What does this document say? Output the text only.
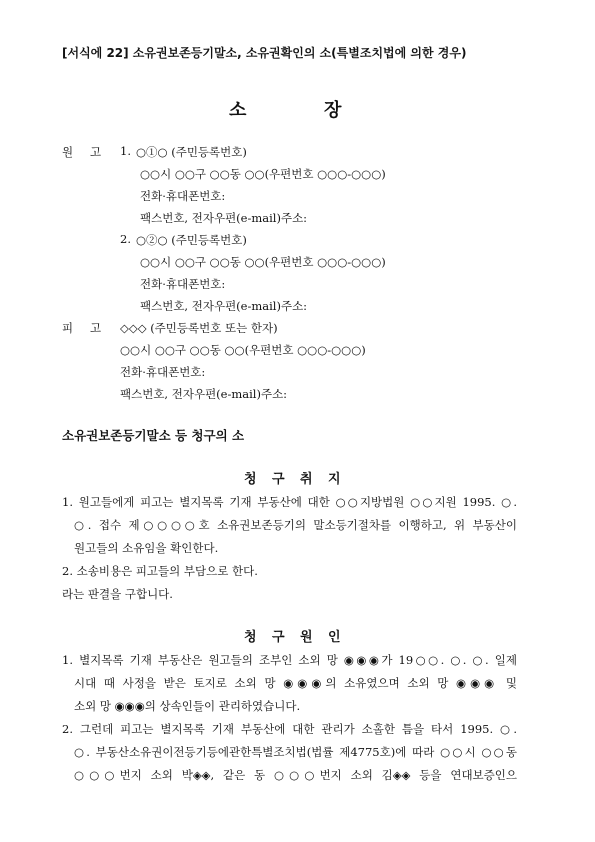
[서식에 22] 소유권보존등기말소, 소유권확인의 소(특별조치법에 의한 경우)
소	장
원 고 1. ○①○ (주민등록번호)
○○시 ○○구 ○○동 ○○(우편번호 ○○○-○○○)
전화·휴대폰번호:
팩스번호, 전자우편(e-mail)주소:
2. ○②○ (주민등록번호)
○○시 ○○구 ○○동 ○○(우편번호 ○○○-○○○)
전화·휴대폰번호:
팩스번호, 전자우편(e-mail)주소:
피 고 ◇◇◇ (주민등록번호 또는 한자)
○○시 ○○구 ○○동 ○○(우편번호 ○○○-○○○)
전화·휴대폰번호:
팩스번호, 전자우편(e-mail)주소:
소유권보존등기말소 등 청구의 소
청 구 취 지
1. 원고들에게 피고는 별지목록 기재 부동산에 대한 ○○지방법원 ○○지원 1995. ○.
○. 접수 제○○○○호 소유권보존등기의 말소등기절차를 이행하고, 위 부동산이
원고들의 소유임을 확인한다.
2. 소송비용은 피고들의 부담으로 한다.
라는 판결을 구합니다.
청 구 원 인
1. 별지목록 기재 부동산은 원고들의 조부인 소외 망 ◉◉◉가 19○○. ○. ○. 일제
시대 때 사정을 받은 토지로 소외 망 ◉◉◉의 소유였으며 소외 망 ◉◉◉ 및
소외 망 ◉◉◉의 상속인들이 관리하였습니다.
2. 그런데 피고는 별지목록 기재 부동산에 대한 관리가 소홀한 틈을 타서 1995. ○.
○. 부동산소유권이전등기등에관한특별조치법(법률 제4775호)에 따라 ○○시 ○○동
○○○번지 소외 박◈◈, 같은 동 ○○○번지 소외 김◈◈ 등을 연대보증인으
